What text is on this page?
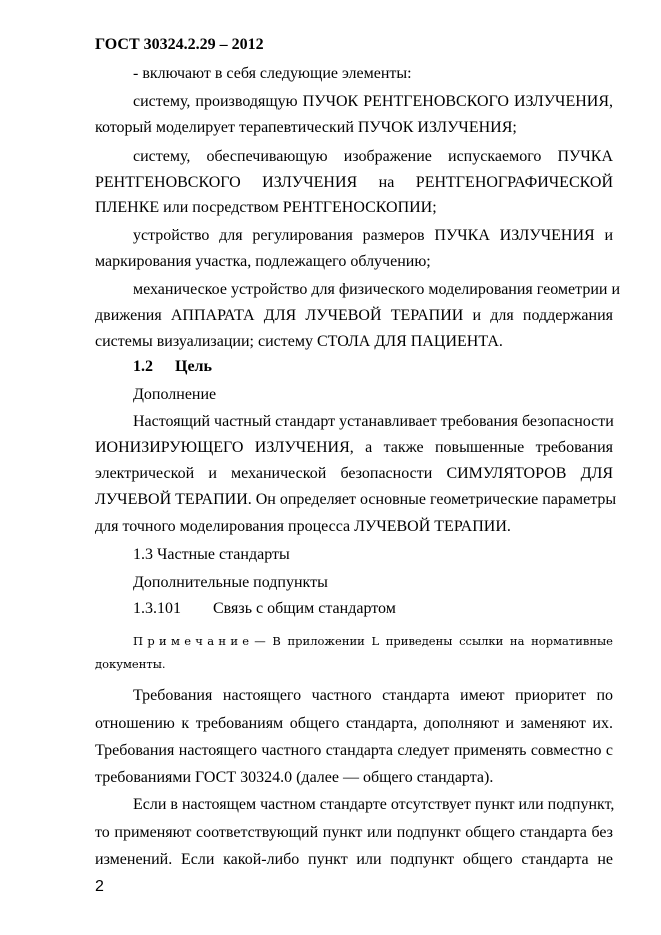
ГОСТ 30324.2.29 – 2012
- включают в себя следующие элементы:
систему, производящую ПУЧОК РЕНТГЕНОВСКОГО ИЗЛУЧЕНИЯ,
который моделирует терапевтический ПУЧОК ИЗЛУЧЕНИЯ;
систему, обеспечивающую изображение испускаемого ПУЧКА
РЕНТГЕНОВСКОГО ИЗЛУЧЕНИЯ на РЕНТГЕНОГРАФИЧЕСКОЙ
ПЛЕНКЕ или посредством РЕНТГЕНОСКОПИИ;
устройство для регулирования размеров ПУЧКА ИЗЛУЧЕНИЯ и
маркирования участка, подлежащего облучению;
механическое устройство для физического моделирования геометрии и
движения АППАРАТА ДЛЯ ЛУЧЕВОЙ ТЕРАПИИ и для поддержания
системы визуализации; систему СТОЛА ДЛЯ ПАЦИЕНТА.
1.2 Цель
Дополнение
Настоящий частный стандарт устанавливает требования безопасности
ИОНИЗИРУЮЩЕГО ИЗЛУЧЕНИЯ, а также повышенные требования
электрической и механической безопасности СИМУЛЯТОРОВ ДЛЯ
ЛУЧЕВОЙ ТЕРАПИИ. Он определяет основные геометрические параметры
для точного моделирования процесса ЛУЧЕВОЙ ТЕРАПИИ.
1.3 Частные стандарты
Дополнительные подпункты
1.3.101 Связь с общим стандартом
Примечание — В приложении L приведены ссылки на нормативные
документы.
Требования настоящего частного стандарта имеют приоритет по
отношению к требованиям общего стандарта, дополняют и заменяют их.
Требования настоящего частного стандарта следует применять совместно с
требованиями ГОСТ 30324.0 (далее — общего стандарта).
Если в настоящем частном стандарте отсутствует пункт или подпункт,
то применяют соответствующий пункт или подпункт общего стандарта без
изменений. Если какой-либо пункт или подпункт общего стандарта не
2
